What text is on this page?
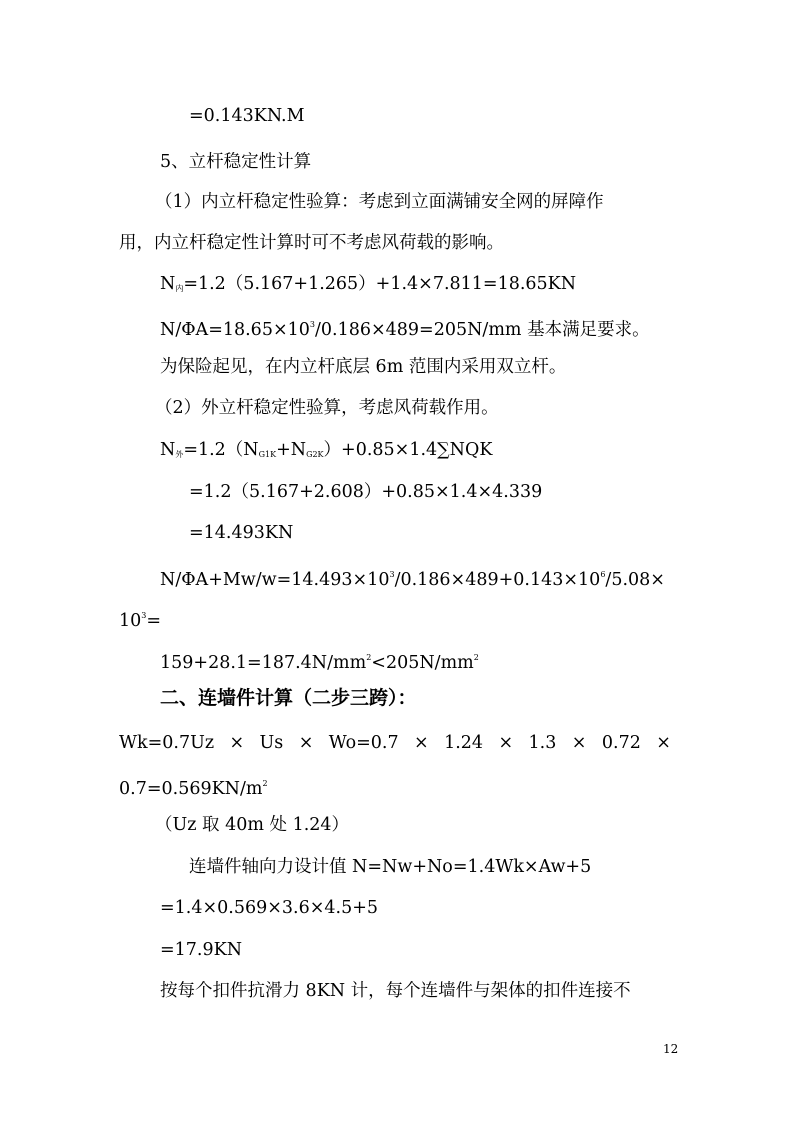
=0.143KN.M
5、立杆稳定性计算
（1）内立杆稳定性验算：考虑到立面满铺安全网的屏障作
用，内立杆稳定性计算时可不考虑风荷载的影响。
$N_内=1.2(5.167+1.265)+1.4\times 7.811=18.65KN$
$N/\Phi A=18.65\times 10^3/0.186\times 489=205N/mm$ 基本满足要求。
为保险起见，在内立杆底层 6m 范围内采用双立杆。
（2）外立杆稳定性验算，考虑风荷载作用。
$N_外=1.2(N_{G1K}+N_{G2K})+0.85\times 1.4\sum NQK$
=1.2（5.167+2.608）+0.85×1.4×4.339
=14.493KN
$N/\Phi A+Mw/w=14.493\times 10^3/0.186\times 489+0.143\times 10^6/5.08\times$
$10^3=$
$159+28.1=187.4N/mm^2<205N/mm^2$
二、连墙件计算（二步三跨）：
Wk=0.7Uz × Us × Wo=0.7 × 1.24 × 1.3 × 0.72 ×
$0.7=0.569KN/m^2$
（Uz 取 40m 处 1.24）
连墙件轴向力设计值 N=Nw+No=1.4Wk×Aw+5
=1.4×0.569×3.6×4.5+5
=17.9KN
按每个扣件抗滑力 8KN 计，每个连墙件与架体的扣件连接不
12
